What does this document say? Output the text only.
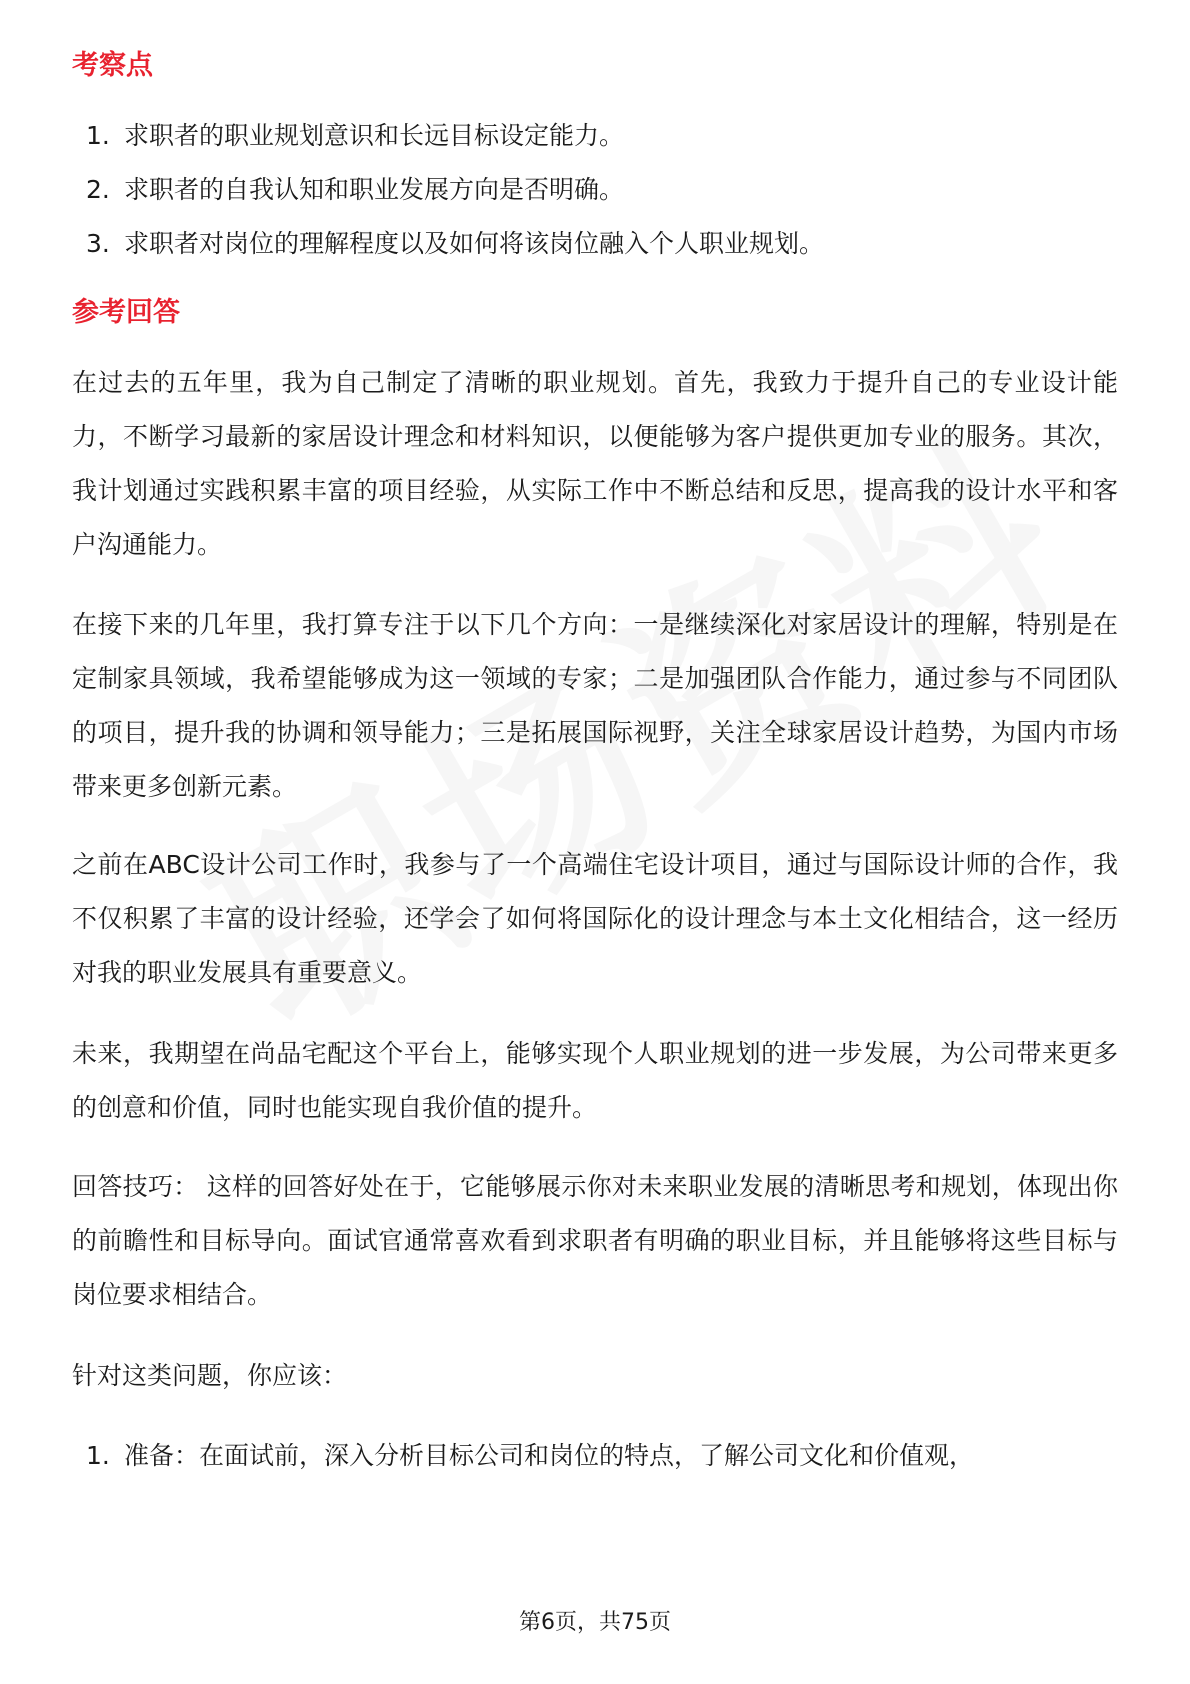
考察点
1. 求职者的职业规划意识和长远目标设定能力。
2. 求职者的自我认知和职业发展方向是否明确。
3. 求职者对岗位的理解程度以及如何将该岗位融入个人职业规划。
参考回答

在过去的五年里，我为自己制定了清晰的职业规划。首先，我致力于提升自己的专业设计能力，不断学习最新的家居设计理念和材料知识，以便能够为客户提供更加专业的服务。其次，我计划通过实践积累丰富的项目经验，从实际工作中不断总结和反思，提高我的设计水平和客户沟通能力。

在接下来的几年里，我打算专注于以下几个方向：一是继续深化对家居设计的理解，特别是在定制家具领域，我希望能够成为这一领域的专家；二是加强团队合作能力，通过参与不同团队的项目，提升我的协调和领导能力；三是拓展国际视野，关注全球家居设计趋势，为国内市场带来更多创新元素。

之前在ABC设计公司工作时，我参与了一个高端住宅设计项目，通过与国际设计师的合作，我不仅积累了丰富的设计经验，还学会了如何将国际化的设计理念与本土文化相结合，这一经历对我的职业发展具有重要意义。

未来，我期望在尚品宅配这个平台上，能够实现个人职业规划的进一步发展，为公司带来更多的创意和价值，同时也能实现自我价值的提升。

回答技巧： 这样的回答好处在于，它能够展示你对未来职业发展的清晰思考和规划，体现出你的前瞻性和目标导向。面试官通常喜欢看到求职者有明确的职业目标，并且能够将这些目标与岗位要求相结合。

针对这类问题，你应该：

1. 准备：在面试前，深入分析目标公司和岗位的特点，了解公司文化和价值观，
第6页，共75页
